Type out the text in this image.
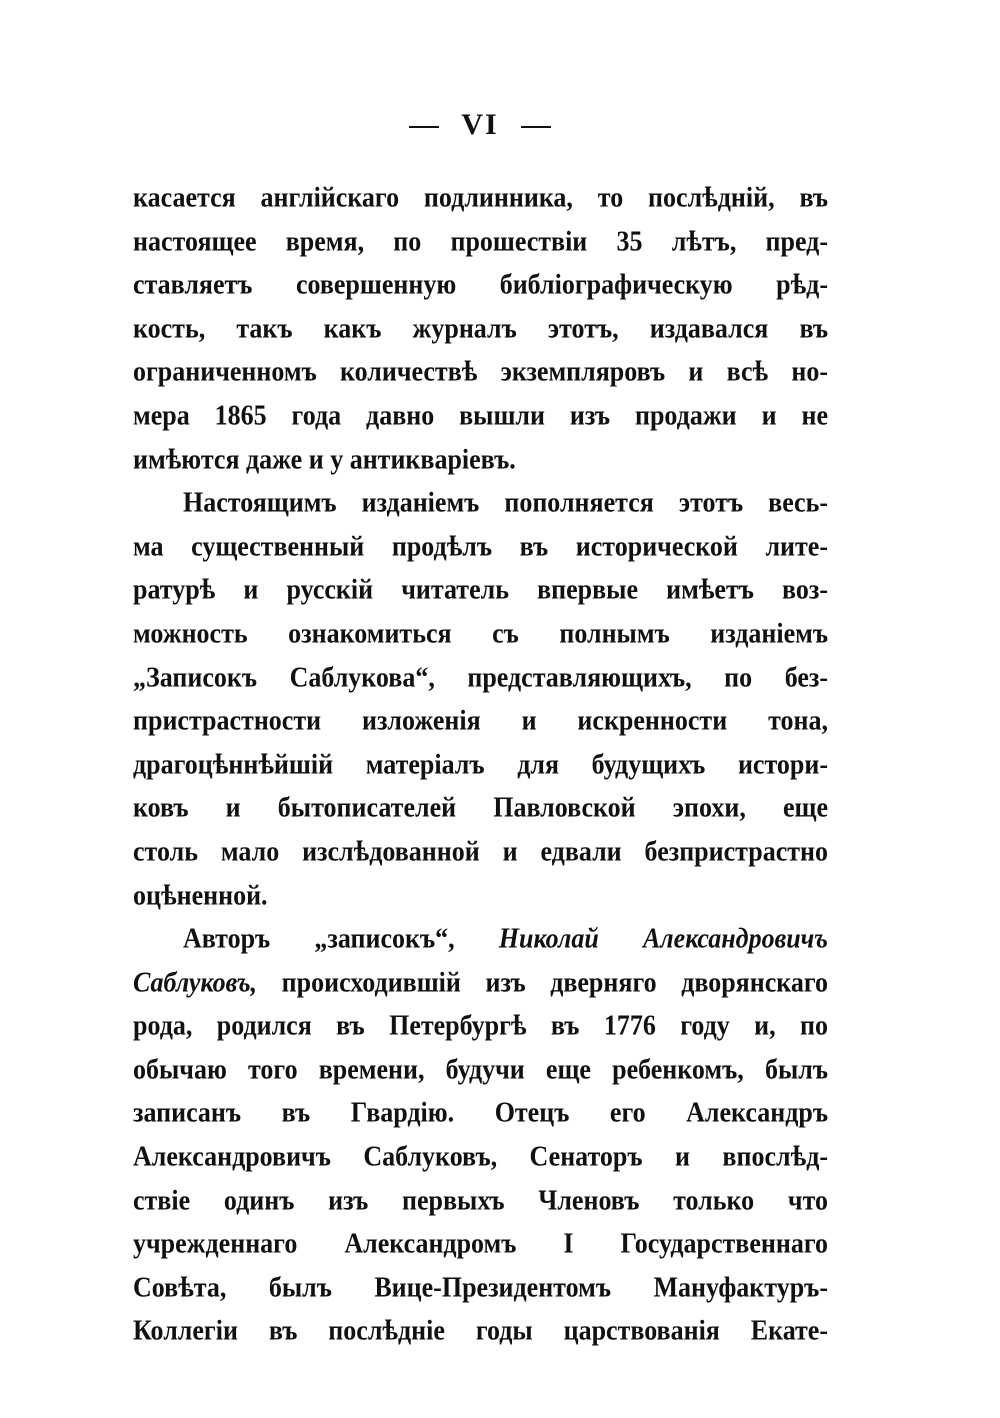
VI
касается англійскаго подлинника, то послѣдній, въ
настоящее время, по прошествіи 35 лѣтъ, пред-
ставляетъ совершенную библіографическую рѣд-
кость, такъ какъ журналъ этотъ, издавался въ
ограниченномъ количествѣ экземпляровъ и всѣ но-
мера 1865 года давно вышли изъ продажи и не
имѣются даже и у антикваріевъ.
Настоящимъ изданіемъ пополняется этотъ весь-
ма существенный продѣлъ въ исторической лите-
ратурѣ и русскій читатель впервые имѣетъ воз-
можность ознакомиться съ полнымъ изданіемъ
„Записокъ Саблукова“, представляющихъ, по без-
пристрастности изложенія и искренности тона,
драгоцѣннѣйшій матеріалъ для будущихъ истори-
ковъ и бытописателей Павловской эпохи, еще
столь мало изслѣдованной и едвали безпристрастно
оцѣненной.
Авторъ „записокъ“, Николай Александровичъ
Саблуковъ, происходившій изъ дверняго дворянскаго
рода, родился въ Петербургѣ въ 1776 году и, по
обычаю того времени, будучи еще ребенкомъ, былъ
записанъ въ Гвардію. Отецъ его Александръ
Александровичъ Саблуковъ, Сенаторъ и впослѣд-
ствіе одинъ изъ первыхъ Членовъ только что
учрежденнаго Александромъ I Государственнаго
Совѣта, былъ Вице-Президентомъ Мануфактуръ-
Коллегіи въ послѣдніе годы царствованія Екате-
